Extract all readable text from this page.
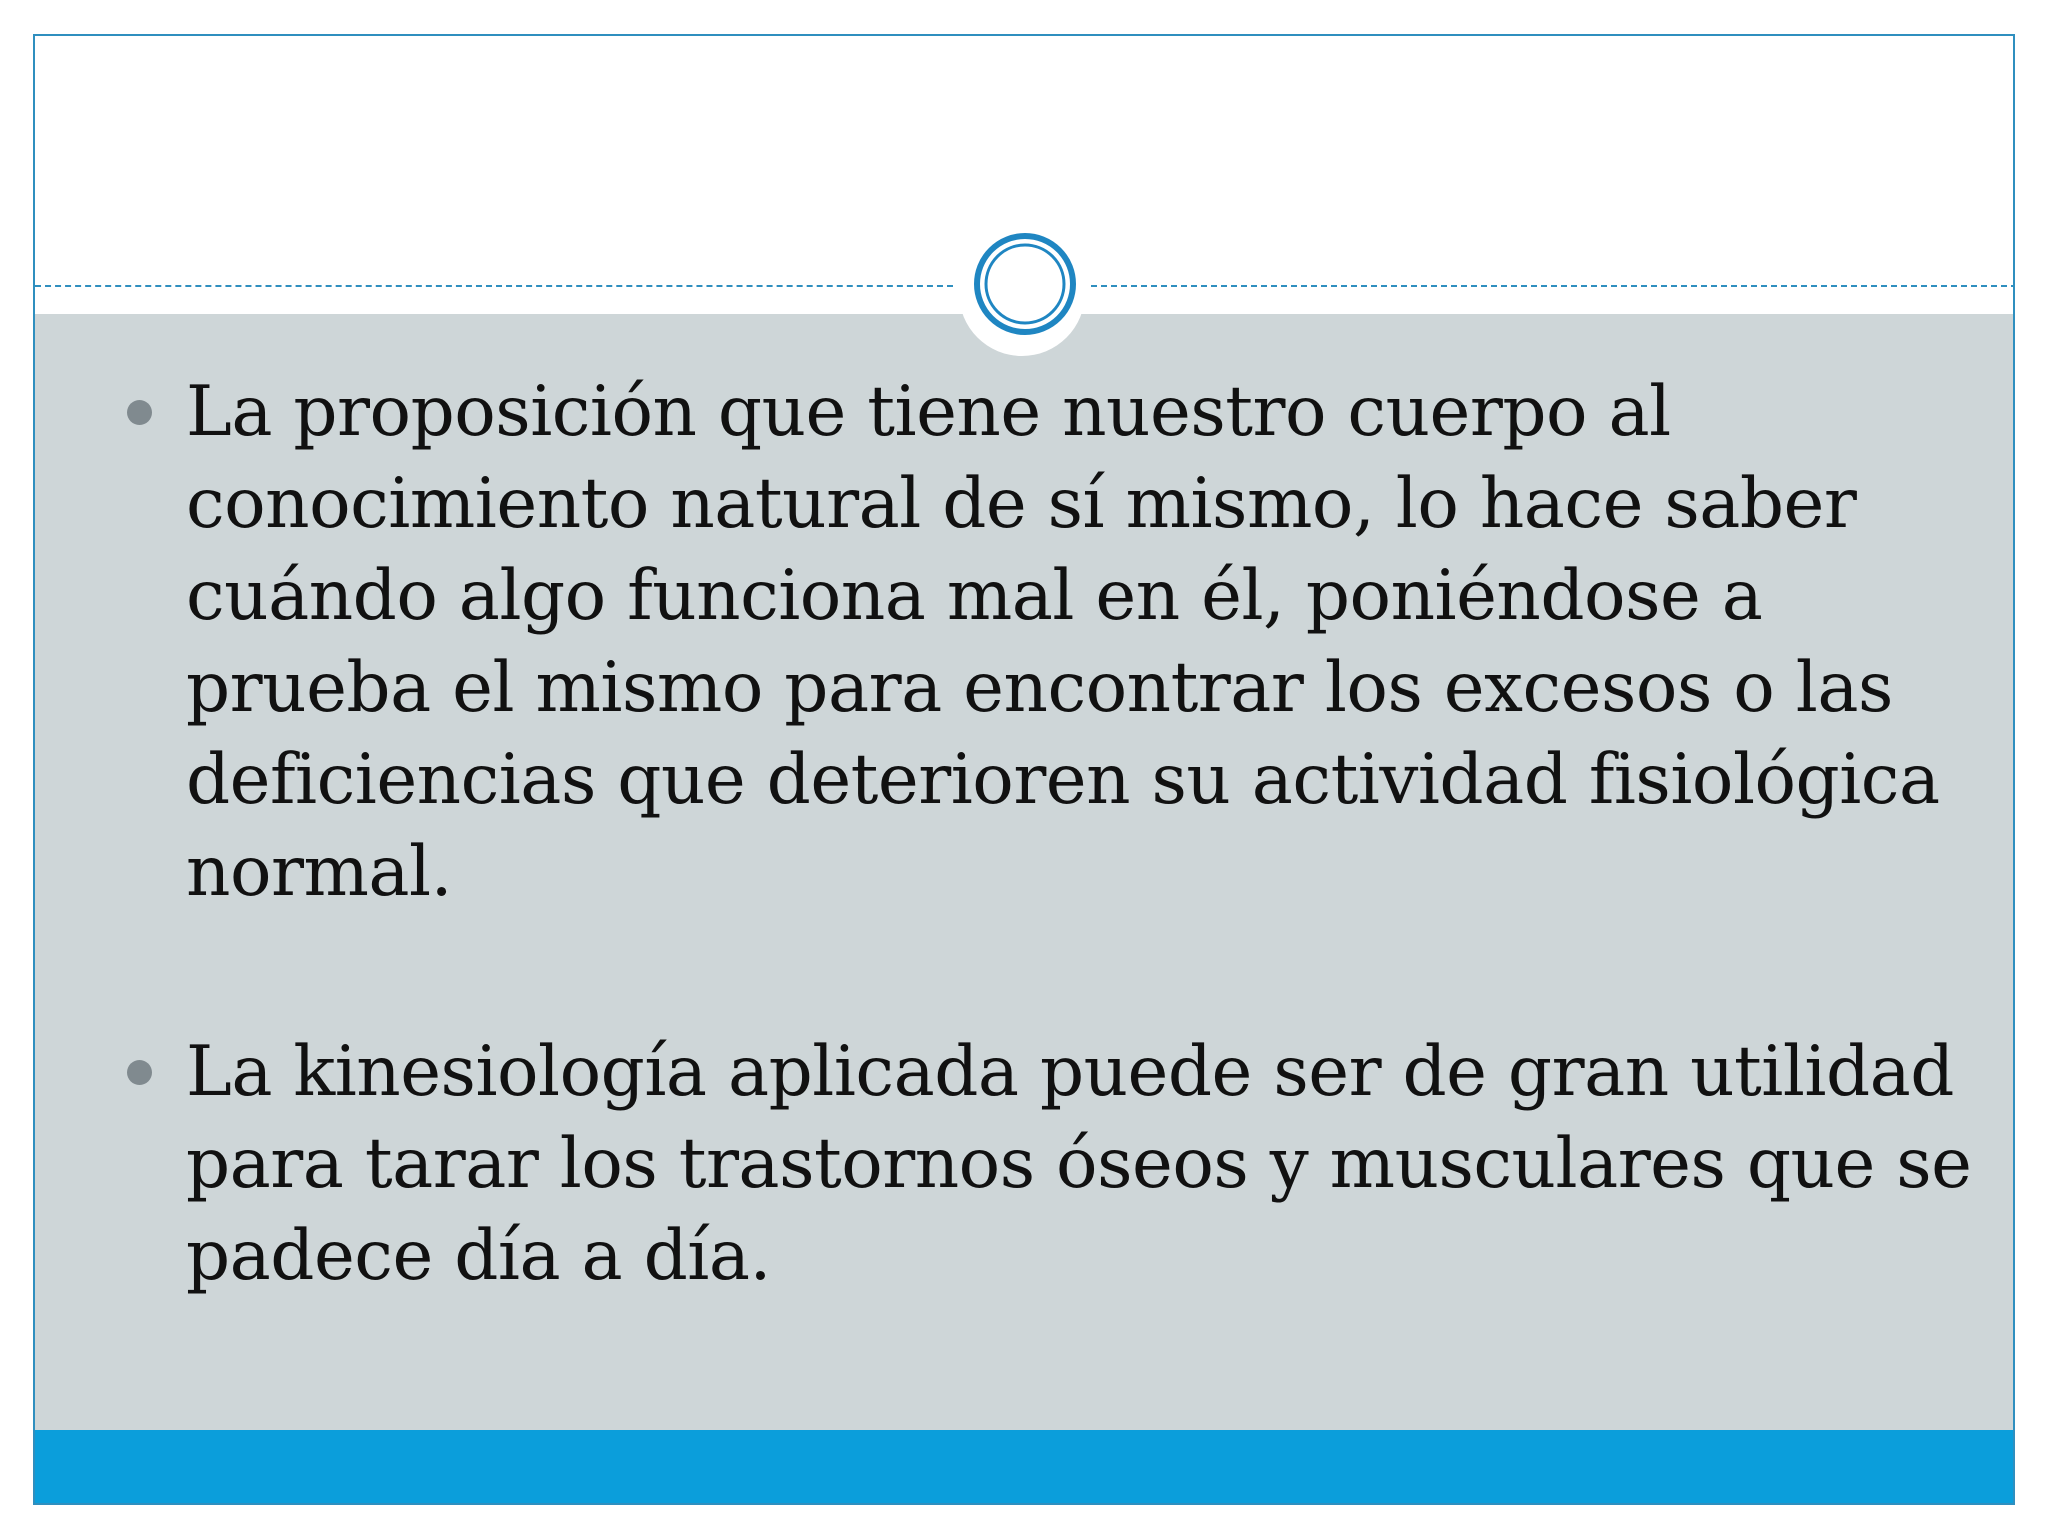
La proposición que tiene nuestro cuerpo al conocimiento natural de sí mismo, lo hace saber cuándo algo funciona mal en él, poniéndose a prueba el mismo para encontrar los excesos o las deficiencias que deterioren su actividad fisiológica normal.
La kinesiología aplicada puede ser de gran utilidad para tarar los trastornos óseos y musculares que se padece día a día.
